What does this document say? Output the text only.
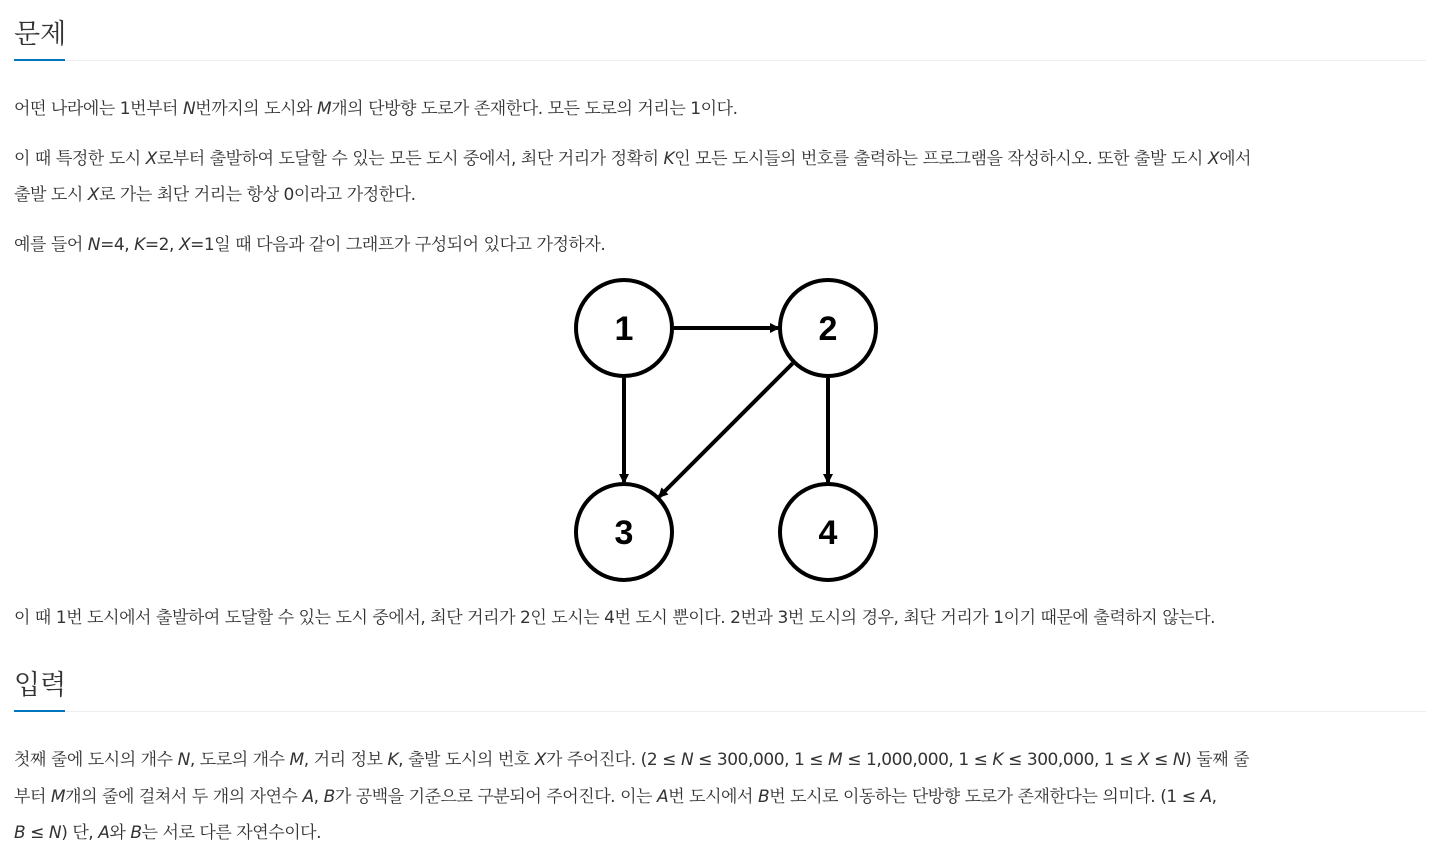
문제

어떤 나라에는 1번부터 N번까지의 도시와 M개의 단방향 도로가 존재한다. 모든 도로의 거리는 1이다.

이 때 특정한 도시 X로부터 출발하여 도달할 수 있는 모든 도시 중에서, 최단 거리가 정확히 K인 모든 도시들의 번호를 출력하는 프로그램을 작성하시오. 또한 출발 도시 X에서

출발 도시 X로 가는 최단 거리는 항상 0이라고 가정한다.

예를 들어 N=4, K=2, X=1일 때 다음과 같이 그래프가 구성되어 있다고 가정하자.

이 때 1번 도시에서 출발하여 도달할 수 있는 도시 중에서, 최단 거리가 2인 도시는 4번 도시 뿐이다. 2번과 3번 도시의 경우, 최단 거리가 1이기 때문에 출력하지 않는다.

1	2
3	4
입력

첫째 줄에 도시의 개수 N, 도로의 개수 M, 거리 정보 K, 출발 도시의 번호 X가 주어진다. (2 ≤ N ≤ 300,000, 1 ≤ M ≤ 1,000,000, 1 ≤ K ≤ 300,000, 1 ≤ X ≤ N) 둘째 줄

부터 M개의 줄에 걸쳐서 두 개의 자연수 A, B가 공백을 기준으로 구분되어 주어진다. 이는 A번 도시에서 B번 도시로 이동하는 단방향 도로가 존재한다는 의미다. (1 ≤ A,

B ≤ N) 단, A와 B는 서로 다른 자연수이다.
